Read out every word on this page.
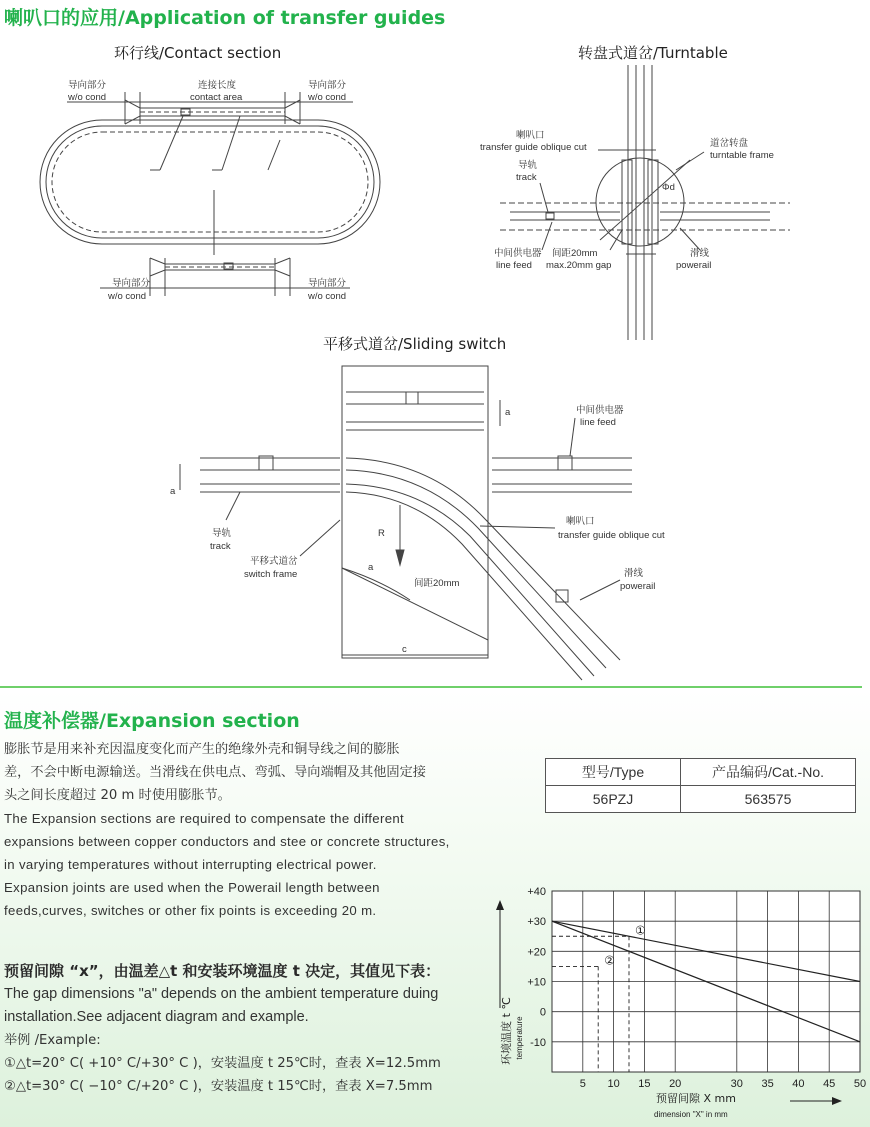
喇叭口的应用/Application of transfer guides
环行线/Contact section	转盘式道岔/Turntable
平移式道岔/Sliding switch
导向部分
w/o cond
连接长度
contact area
导向部分
w/o cond
导向部分
w/o cond
导向部分
w/o cond
喇叭口
transfer guide oblique cut
导轨
track
中间供电器
line feed
间距20mm
max.20mm gap
道岔转盘
turntable frame
滑线
powerail
Φd
中间供电器
line feed
喇叭口
transfer guide oblique cut
导轨
track
平移式道岔
switch frame
间距20mm
滑线
powerail
a
a
a
R
c
温度补偿器/Expansion section
膨胀节是用来补充因温度变化而产生的绝缘外壳和铜导线之间的膨胀
差，不会中断电源输送。当滑线在供电点、弯弧、导向端帽及其他固定接
头之间长度超过 20 m 时使用膨胀节。
The Expansion sections are required to compensate the different
expansions between copper conductors and stee or concrete structures,
in varying temperatures without interrupting electrical power.
Expansion joints are used when the Powerail length between
feeds,curves, switches or other fix points is exceeding 20 m.
预留间隙 “x”，由温差△t 和安装环境温度 t 决定，其值见下表：
The gap dimensions "a" depends on the ambient temperature duing
installation.See adjacent diagram and example.
举例 /Example:
①△t=20° C( +10° C/+30° C )，安装温度 t 25℃时，查表 X=12.5mm
②△t=30° C( −10° C/+20° C )，安装温度 t 15℃时，查表 X=7.5mm
型号/Type	产品编码/Cat.-No.
56PZJ	563575
5 10 15 20	30 35 40 45 50
+40
+30
+20
+10
0
-10
①
②
预留间隙 X mm
dimension "X" in mm
环境温度 t ℃ temperature
